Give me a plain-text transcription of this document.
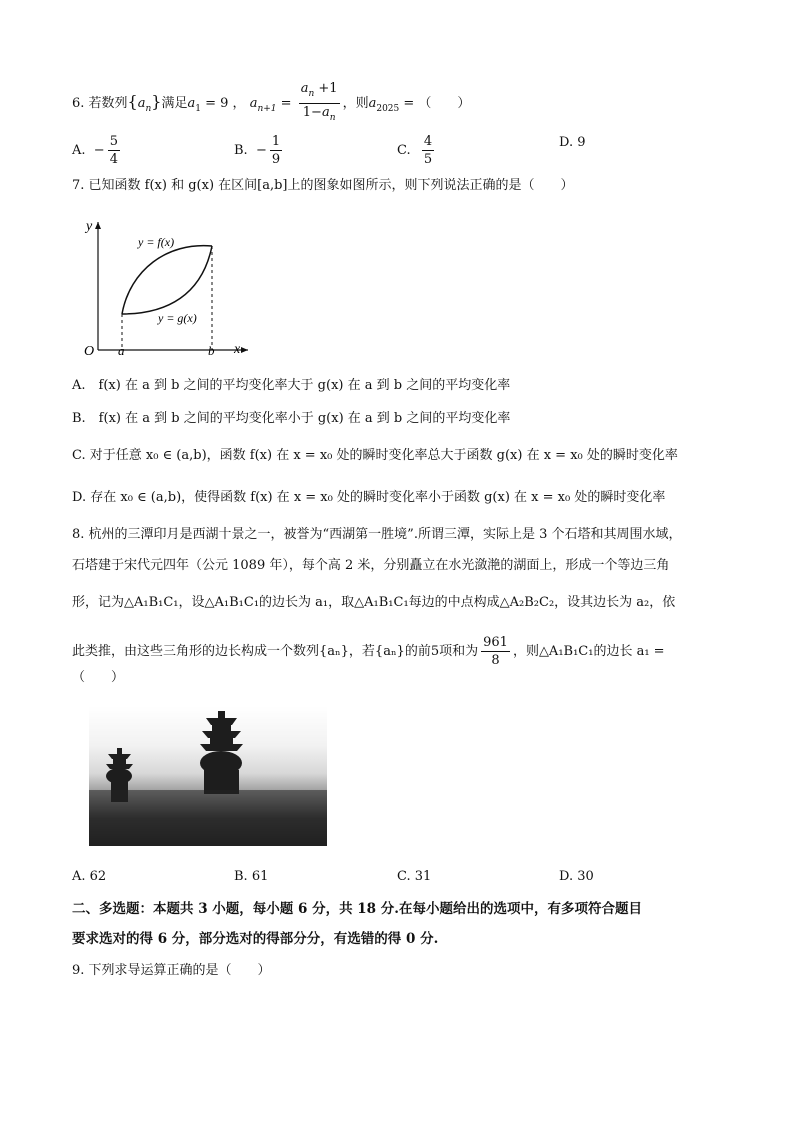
6. 若数列$\{a_n\}$满足$a_1 = 9$ ， $a_{n+1} = \frac{a_n +1}{1-a_n}$ ，则$a_{2025}$ = （　　）
A. − $\frac{5}{4}$	B. − $\frac{1}{9}$	C. $\frac{4}{5}$	D. 9
7. 已知函数 f(x) 和 g(x) 在区间[a,b]上的图象如图所示，则下列说法正确的是（　　）
y
x
O a	b
y = f(x)
y = g(x)
A.　f(x) 在 a 到 b 之间的平均变化率大于 g(x) 在 a 到 b 之间的平均变化率
B.　f(x) 在 a 到 b 之间的平均变化率小于 g(x) 在 a 到 b 之间的平均变化率
C. 对于任意 x₀ ∈ (a,b)，函数 f(x) 在 x = x₀ 处的瞬时变化率总大于函数 g(x) 在 x = x₀ 处的瞬时变化率
D. 存在 x₀ ∈ (a,b)，使得函数 f(x) 在 x = x₀ 处的瞬时变化率小于函数 g(x) 在 x = x₀ 处的瞬时变化率
8. 杭州的三潭印月是西湖十景之一，被誉为“西湖第一胜境”.所谓三潭，实际上是 3 个石塔和其周围水域，
石塔建于宋代元四年（公元 1089 年），每个高 2 米，分别矗立在水光潋滟的湖面上，形成一个等边三角
形，记为△A₁B₁C₁，设△A₁B₁C₁的边长为 a₁，取△A₁B₁C₁每边的中点构成△A₂B₂C₂，设其边长为 a₂，依
此类推，由这些三角形的边长构成一个数列{aₙ}，若{aₙ}的前5项和为 $\frac{961}{8}$ ，则△A₁B₁C₁的边长 a₁ =
（　　）
A. 62	B. 61	C. 31	D. 30
二、多选题：本题共 3 小题，每小题 6 分，共 18 分.在每小题给出的选项中，有多项符合题目
要求选对的得 6 分，部分选对的得部分分，有选错的得 0 分.
9. 下列求导运算正确的是（　　）
